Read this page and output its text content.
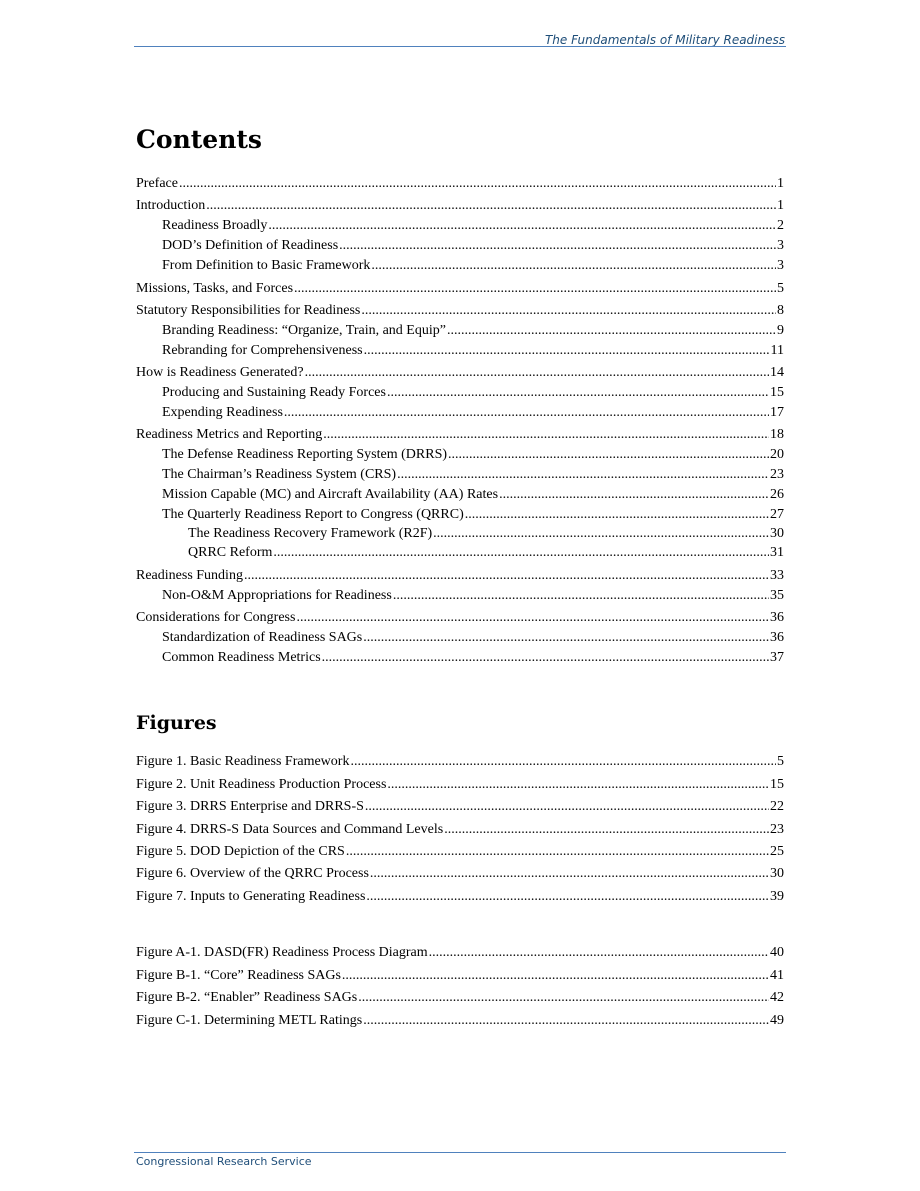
The Fundamentals of Military Readiness
Contents
Preface .....	1
Introduction .....	1
Readiness Broadly .....	2
DOD’s Definition of Readiness .....	3
From Definition to Basic Framework .....	3
Missions, Tasks, and Forces .....	5
Statutory Responsibilities for Readiness .....	8
Branding Readiness: “Organize, Train, and Equip” .....	9
Rebranding for Comprehensiveness .....	11
How is Readiness Generated? .....	14
Producing and Sustaining Ready Forces .....	15
Expending Readiness .....	17
Readiness Metrics and Reporting .....	18
The Defense Readiness Reporting System (DRRS) .....	20
The Chairman’s Readiness System (CRS) .....	23
Mission Capable (MC) and Aircraft Availability (AA) Rates .....	26
The Quarterly Readiness Report to Congress (QRRC) .....	27
The Readiness Recovery Framework (R2F) .....	30
QRRC Reform .....	31
Readiness Funding .....	33
Non-O&M Appropriations for Readiness .....	35
Considerations for Congress .....	36
Standardization of Readiness SAGs .....	36
Common Readiness Metrics .....	37
Figures
Figure 1. Basic Readiness Framework .....	5
Figure 2. Unit Readiness Production Process .....	15
Figure 3. DRRS Enterprise and DRRS-S .....	22
Figure 4. DRRS-S Data Sources and Command Levels .....	23
Figure 5. DOD Depiction of the CRS .....	25
Figure 6. Overview of the QRRC Process .....	30
Figure 7. Inputs to Generating Readiness .....	39
Figure A-1. DASD(FR) Readiness Process Diagram .....	40
Figure B-1. “Core” Readiness SAGs .....	41
Figure B-2. “Enabler” Readiness SAGs .....	42
Figure C-1. Determining METL Ratings .....	49
Congressional Research Service
